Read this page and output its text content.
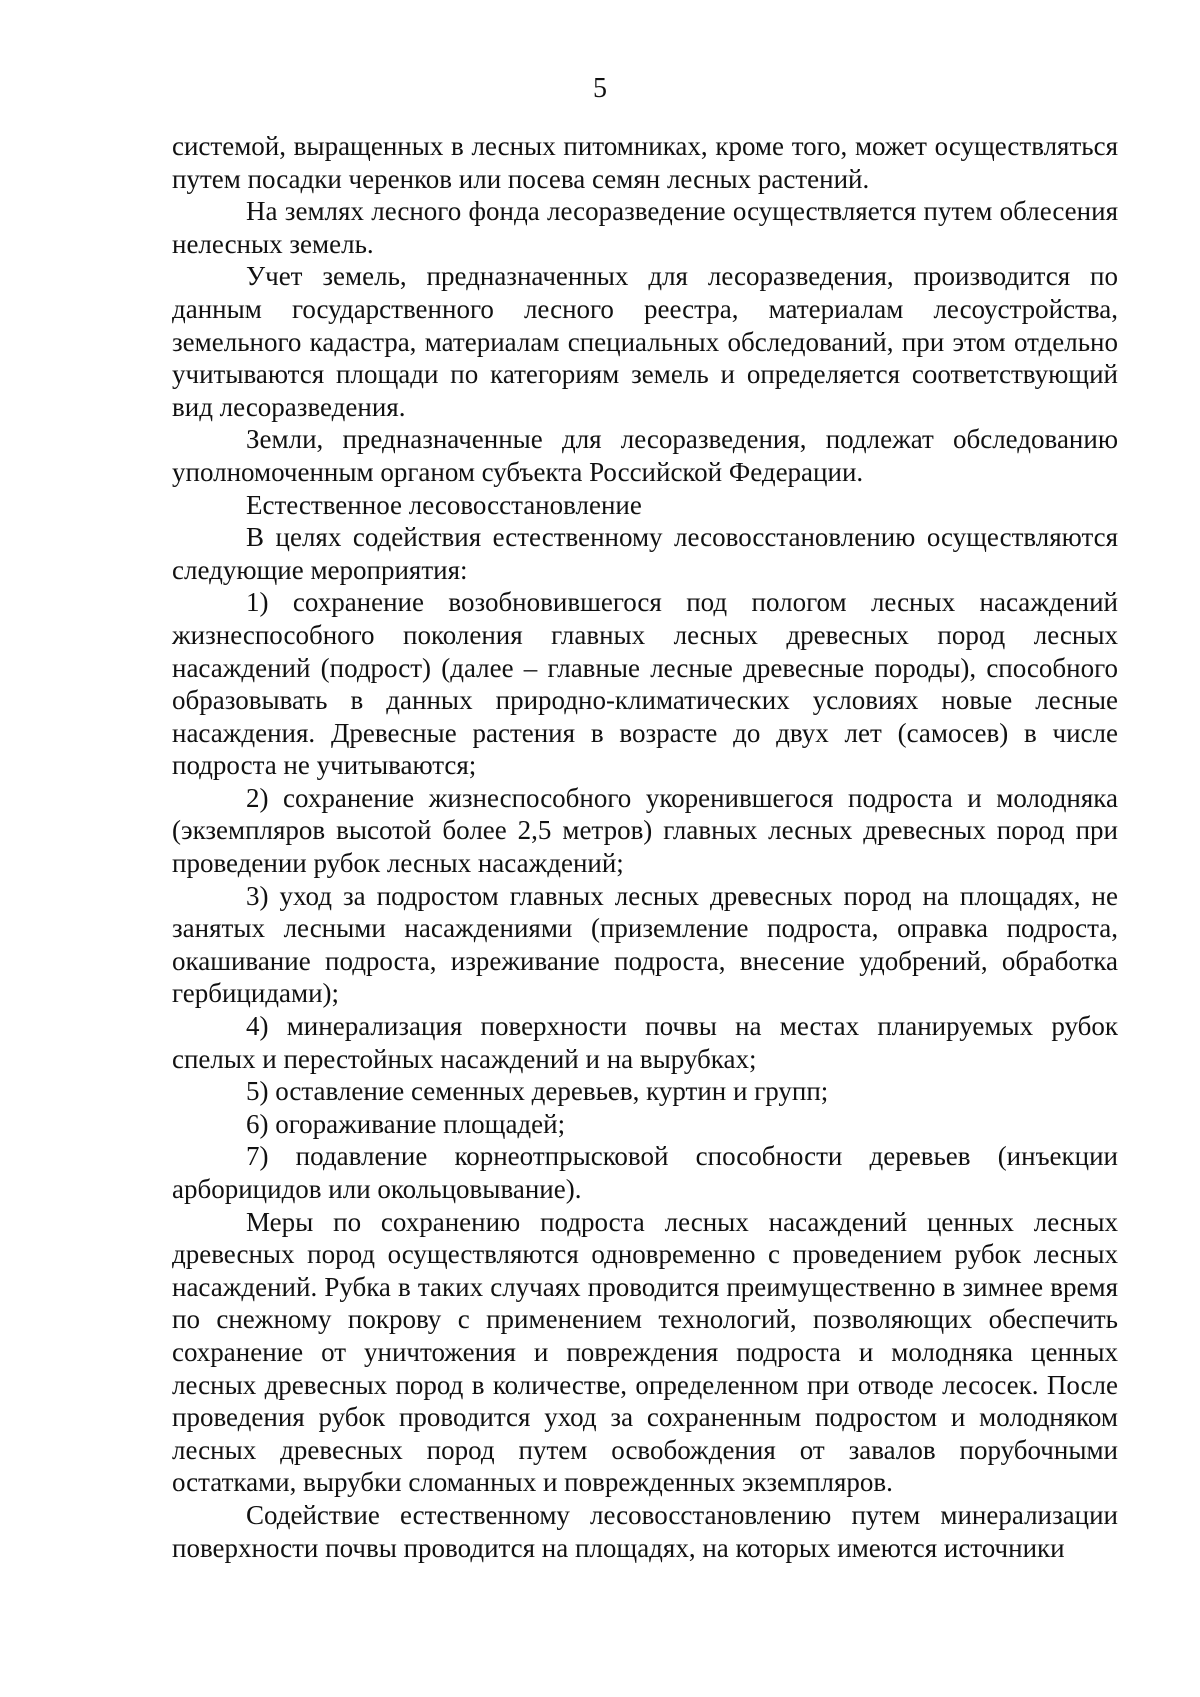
5

системой, выращенных в лесных питомниках, кроме того, может осуществляться путем посадки черенков или посева семян лесных растений.

На землях лесного фонда лесоразведение осуществляется путем облесения нелесных земель.

Учет земель, предназначенных для лесоразведения, производится по данным государственного лесного реестра, материалам лесоустройства, земельного кадастра, материалам специальных обследований, при этом отдельно учитываются площади по категориям земель и определяется соответствующий вид лесоразведения.

Земли, предназначенные для лесоразведения, подлежат обследованию уполномоченным органом субъекта Российской Федерации.

Естественное лесовосстановление

В целях содействия естественному лесовосстановлению осуществляются следующие мероприятия:

1) сохранение возобновившегося под пологом лесных насаждений жизнеспособного поколения главных лесных древесных пород лесных насаждений (подрост) (далее – главные лесные древесные породы), способного образовывать в данных природно-климатических условиях новые лесные насаждения. Древесные растения в возрасте до двух лет (самосев) в числе подроста не учитываются;

2) сохранение жизнеспособного укоренившегося подроста и молодняка (экземпляров высотой более 2,5 метров) главных лесных древесных пород при проведении рубок лесных насаждений;

3) уход за подростом главных лесных древесных пород на площадях, не занятых лесными насаждениями (приземление подроста, оправка подроста, окашивание подроста, изреживание подроста, внесение удобрений, обработка гербицидами);

4) минерализация поверхности почвы на местах планируемых рубок спелых и перестойных насаждений и на вырубках;

5) оставление семенных деревьев, куртин и групп;

6) огораживание площадей;

7) подавление корнеотпрысковой способности деревьев (инъекции арборицидов или окольцовывание).

Меры по сохранению подроста лесных насаждений ценных лесных древесных пород осуществляются одновременно с проведением рубок лесных насаждений. Рубка в таких случаях проводится преимущественно в зимнее время по снежному покрову с применением технологий, позволяющих обеспечить сохранение от уничтожения и повреждения подроста и молодняка ценных лесных древесных пород в количестве, определенном при отводе лесосек. После проведения рубок проводится уход за сохраненным подростом и молодняком лесных древесных пород путем освобождения от завалов порубочными остатками, вырубки сломанных и поврежденных экземпляров.

Содействие естественному лесовосстановлению путем минерализации поверхности почвы проводится на площадях, на которых имеются источники
